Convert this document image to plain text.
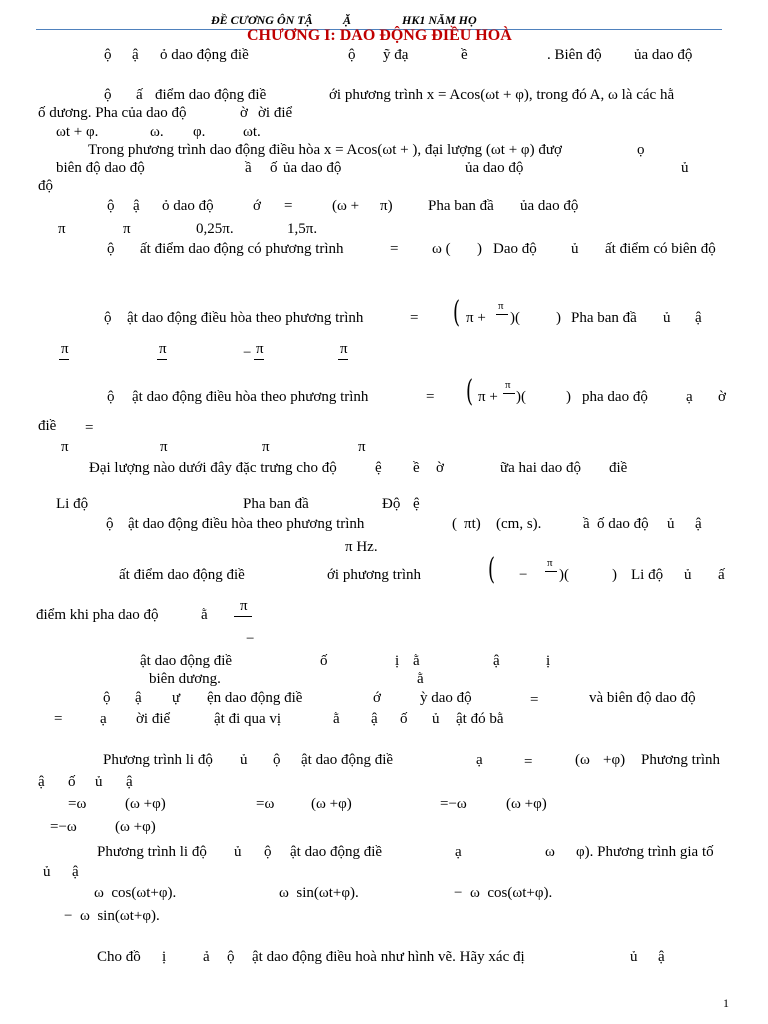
ĐỀ CƯƠNG ÔN TẬ	Ặ	HK1 NĂM HỌ
CHƯƠNG I: DAO ĐỘNG ĐIỀU HOÀ
ộ ậ ỏ dao động điề	ộ ỹ đạ	ề	. Biên độ ủa dao độ
ộ ấ điểm dao động điề	ới phương trình x = Acos(ωt + φ), trong đó A, ω là các hằ
ố dương. Pha của dao độ	ờ ời điể
ωt + φ.	ω. φ.	ωt.
Trong phương trình dao động điều hòa x = Acos(ωt + ), đại lượng (ωt + φ) đượ	ọ
biên độ dao độ	ầ ố ủa dao độ	ủa dao độ	ủ
độ
ộ ậ ỏ dao độ	ớ =	(ω + π) Pha ban đầ ủa dao độ
π	π	0,25π.	1,5π.
ộ ất điểm dao động có phương trình	= ω ( ) Dao độ ủ ất điểm có biên độ
ộ ật dao động điều hòa theo phương trình	= ( π +
π
)( ) Pha ban đầ ủ ậ
π	π	− π	π
ộ ật dao động điều hòa theo phương trình	= ( π +
π
)(	) pha dao độ	ạ ờ
điề =
π	π	π	π
Đại lượng nào dưới đây đặc trưng cho độ	ệ ề ờ	ữa hai dao độ điề
Li độ	Pha ban đầ	Độ ệ
ộ ật dao động điều hòa theo phương trình	( πt) (cm, s).	ầ ố dao độ ủ ậ
π Hz.
ất điểm dao động điề	ới phương trình ( −
π
)(	) Li độ ủ ấ
điểm khi pha dao độ	ằ
π
−
ật dao động điề	ố	ị ằ	ậ	ị
biên dương.	ằ
ộ ậ ự ện dao động điề	ớ	ỳ dao độ	=	và biên độ dao độ
=	ạ ời điể	ật đi qua vị	ằ ậ ố ủ ật đó bằ
Phương trình li độ ủ ộ ật dao động điề	ạ	=	(ω +φ) Phương trình
ậ ố ủ ậ
=ω	(ω +φ)	=ω (ω +φ)	=−ω	(ω +φ)
=−ω	(ω +φ)
Phương trình li độ ủ ộ ật dao động điề	ạ	ω φ). Phương trình gia tố
ủ ậ
ω  cos(ωt+φ).	ω  sin(ωt+φ).	−  ω  cos(ωt+φ).
−  ω  sin(ωt+φ).
Cho đồ ị ả ộ ật dao động điều hoà như hình vẽ. Hãy xác đị	ủ ậ
1
